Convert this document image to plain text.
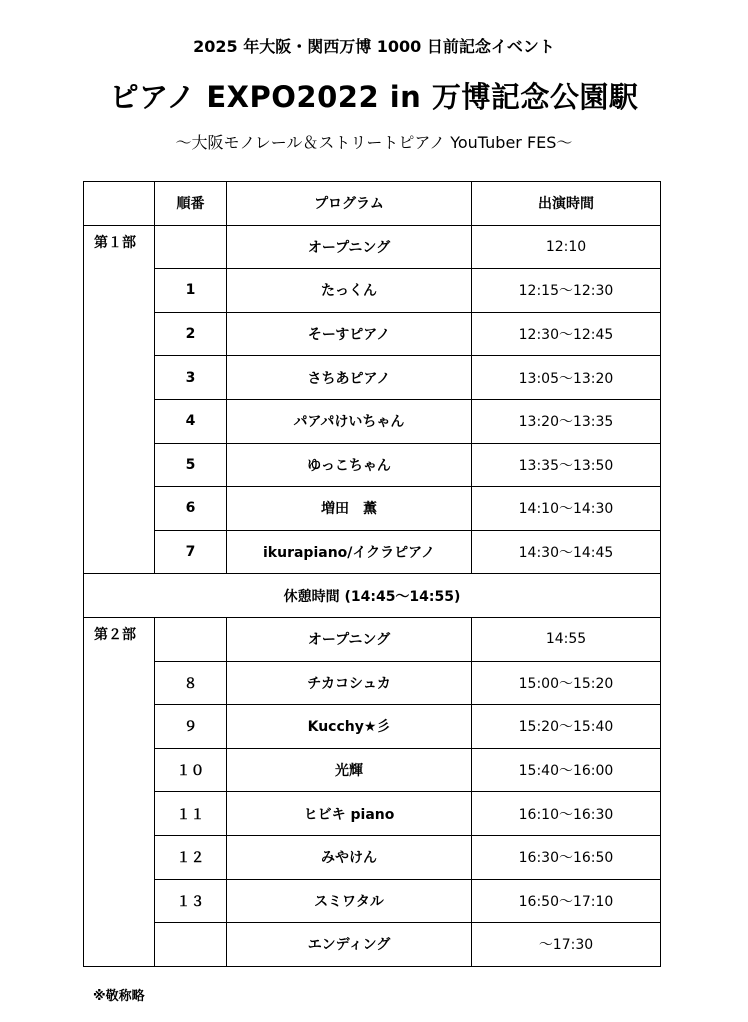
2025 年大阪・関西万博 1000 日前記念イベント
ピアノ EXPO2022 in 万博記念公園駅
〜大阪モノレール＆ストリートピアノ YouTuber FES〜
	順番	プログラム	出演時間
第１部		オープニング	12:10
	1	たっくん	12:15〜12:30
	2	そーすピアノ	12:30〜12:45
	3	さちあピアノ	13:05〜13:20
	4	パアパけいちゃん	13:20〜13:35
	5	ゆっこちゃん	13:35〜13:50
	6	増田　薫	14:10〜14:30
	7	ikurapiano/イクラピアノ	14:30〜14:45
休憩時間 (14:45〜14:55)			
第２部		オープニング	14:55
	８	チカコシュカ	15:00〜15:20
	９	Kucchy★彡	15:20〜15:40
	１０	光輝	15:40〜16:00
	１１	ヒビキ piano	16:10〜16:30
	１２	みやけん	16:30〜16:50
	１３	スミワタル	16:50〜17:10
		エンディング	〜17:30
※敬称略
